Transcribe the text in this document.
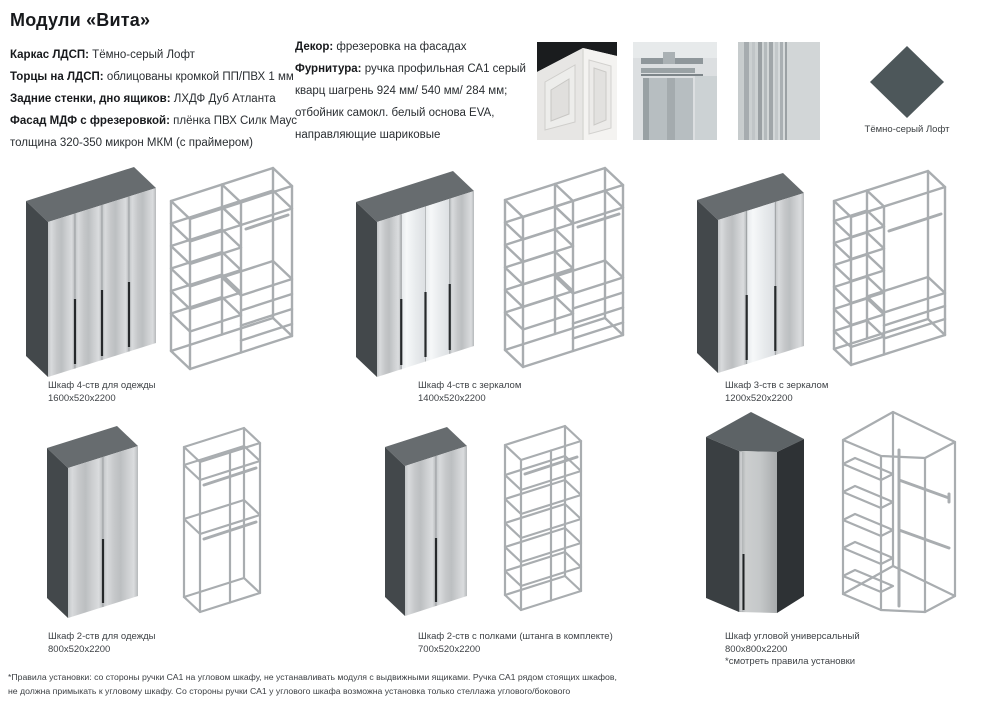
Модули «Вита»
Каркас ЛДСП: Тёмно-серый Лофт
Торцы на ЛДСП: облицованы кромкой ПП/ПВХ 1 мм
Задние стенки, дно ящиков: ЛХДФ Дуб Атланта
Фасад МДФ с фрезеровкой: плёнка ПВХ Силк Маус толщина 320-350 микрон МКМ (с праймером)
Декор: фрезеровка на фасадах
Фурнитура: ручка профильная СА1 серый кварц шагрень 924 мм/ 540 мм/ 284 мм; отбойник самокл. белый основа EVA, направляющие шариковые	Тёмно-серый Лофт
Шкаф 4-ств для одежды
1600х520х2200
Шкаф 4-ств с зеркалом
1400х520х2200
Шкаф 3-ств с зеркалом
1200х520х2200
Шкаф 2-ств для одежды
800х520х2200
Шкаф 2-ств с полками (штанга в комплекте)
700х520х2200
Шкаф угловой универсальный
800х800х2200
*смотреть правила установки
*Правила установки: со стороны ручки СА1 на угловом шкафу, не устанавливать модуля с выдвижными ящиками. Ручка СА1 рядом стоящих шкафов,
не должна примыкать к угловому шкафу. Со стороны ручки СА1 у углового шкафа возможна установка только стеллажа углового/бокового
